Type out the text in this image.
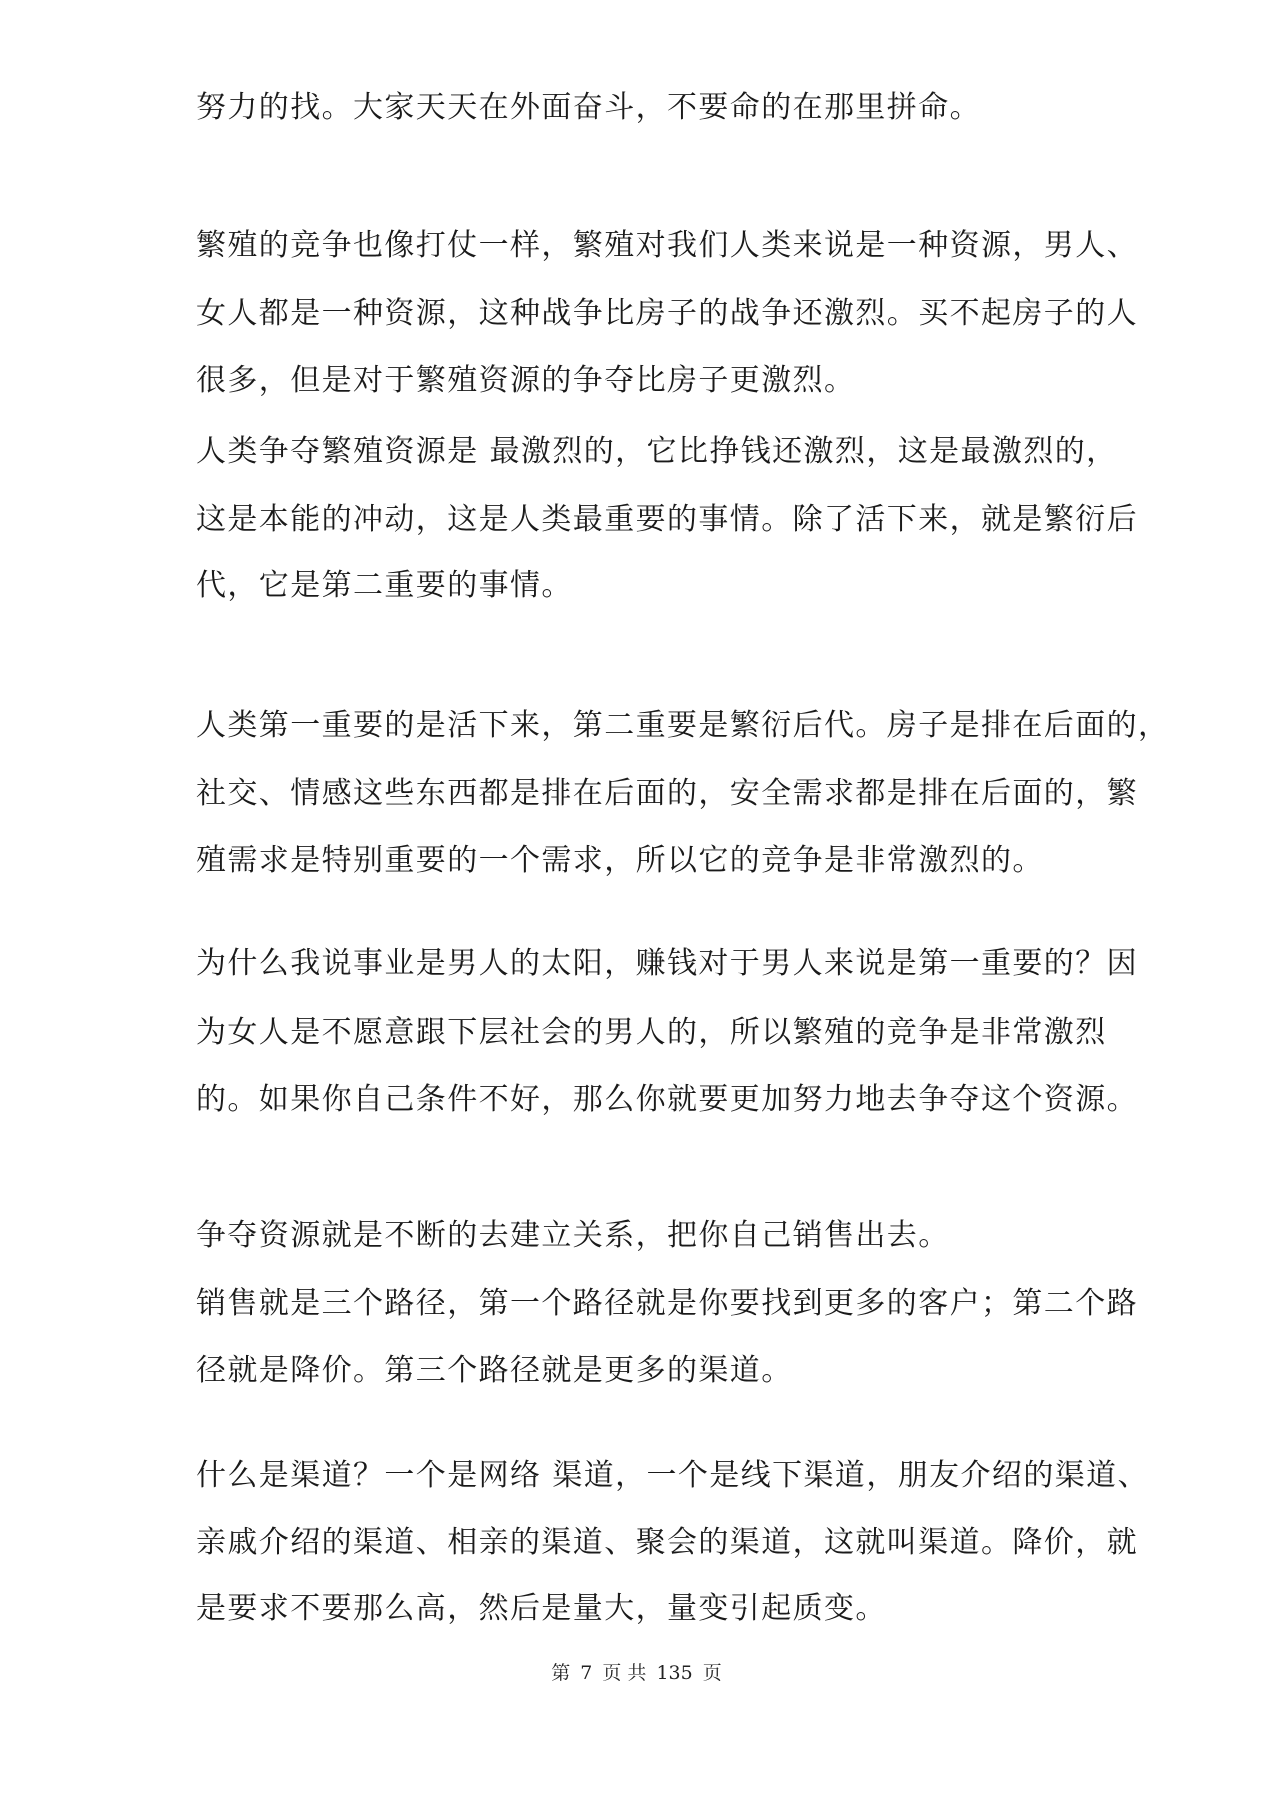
努力的找。大家天天在外面奋斗，不要命的在那里拼命。
繁殖的竞争也像打仗一样，繁殖对我们人类来说是一种资源，男人、
女人都是一种资源，这种战争比房子的战争还激烈。买不起房子的人
很多，但是对于繁殖资源的争夺比房子更激烈。
人类争夺繁殖资源是 最激烈的，它比挣钱还激烈，这是最激烈的，
这是本能的冲动，这是人类最重要的事情。除了活下来，就是繁衍后
代，它是第二重要的事情。
人类第一重要的是活下来，第二重要是繁衍后代。房子是排在后面的，
社交、情感这些东西都是排在后面的，安全需求都是排在后面的，繁
殖需求是特别重要的一个需求，所以它的竞争是非常激烈的。
为什么我说事业是男人的太阳，赚钱对于男人来说是第一重要的？因
为女人是不愿意跟下层社会的男人的，所以繁殖的竞争是非常激烈
的。如果你自己条件不好，那么你就要更加努力地去争夺这个资源。
争夺资源就是不断的去建立关系，把你自己销售出去。
销售就是三个路径，第一个路径就是你要找到更多的客户；第二个路
径就是降价。第三个路径就是更多的渠道。
什么是渠道？一个是网络 渠道，一个是线下渠道，朋友介绍的渠道、
亲戚介绍的渠道、相亲的渠道、聚会的渠道，这就叫渠道。降价，就
是要求不要那么高，然后是量大，量变引起质变。
第 7 页 共 135 页
